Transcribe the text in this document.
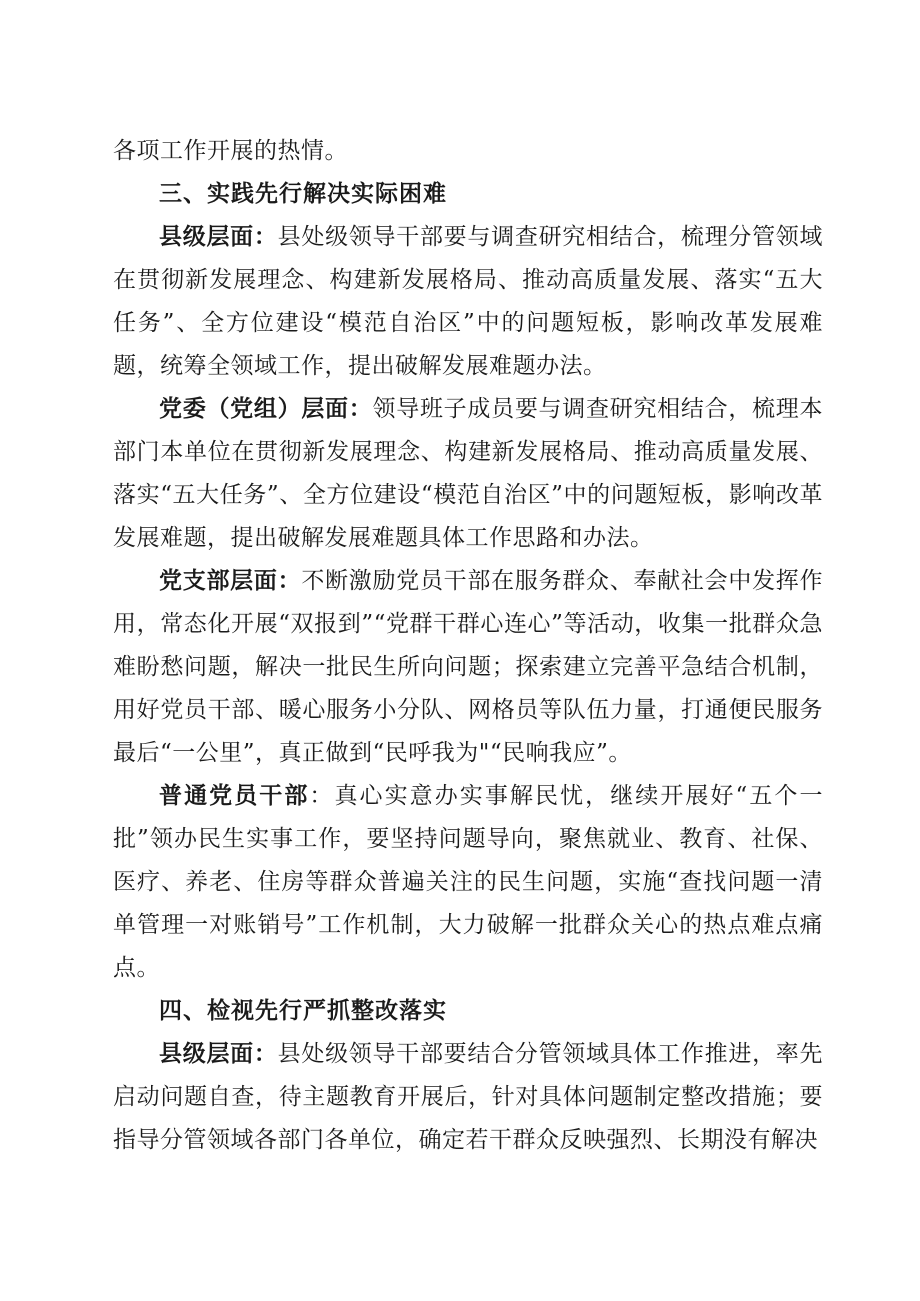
各项工作开展的热情。

三、实践先行解决实际困难

县级层面：县处级领导干部要与调查研究相结合，梳理分管领域在贯彻新发展理念、构建新发展格局、推动高质量发展、落实“五大任务”、全方位建设“模范自治区”中的问题短板，影响改革发展难题，统筹全领域工作，提出破解发展难题办法。

党委（党组）层面：领导班子成员要与调查研究相结合，梳理本部门本单位在贯彻新发展理念、构建新发展格局、推动高质量发展、落实“五大任务”、全方位建设“模范自治区”中的问题短板，影响改革发展难题，提出破解发展难题具体工作思路和办法。

党支部层面：不断激励党员干部在服务群众、奉献社会中发挥作用，常态化开展“双报到”“党群干群心连心”等活动，收集一批群众急难盼愁问题，解决一批民生所向问题；探索建立完善平急结合机制，用好党员干部、暖心服务小分队、网格员等队伍力量，打通便民服务最后“一公里”，真正做到“民呼我为"“民响我应”。

普通党员干部：真心实意办实事解民忧，继续开展好“五个一批”领办民生实事工作，要坚持问题导向，聚焦就业、教育、社保、医疗、养老、住房等群众普遍关注的民生问题，实施“查找问题一清单管理一对账销号”工作机制，大力破解一批群众关心的热点难点痛点。

四、检视先行严抓整改落实

县级层面：县处级领导干部要结合分管领域具体工作推进，率先启动问题自查，待主题教育开展后，针对具体问题制定整改措施；要指导分管领域各部门各单位，确定若干群众反映强烈、长期没有解决
